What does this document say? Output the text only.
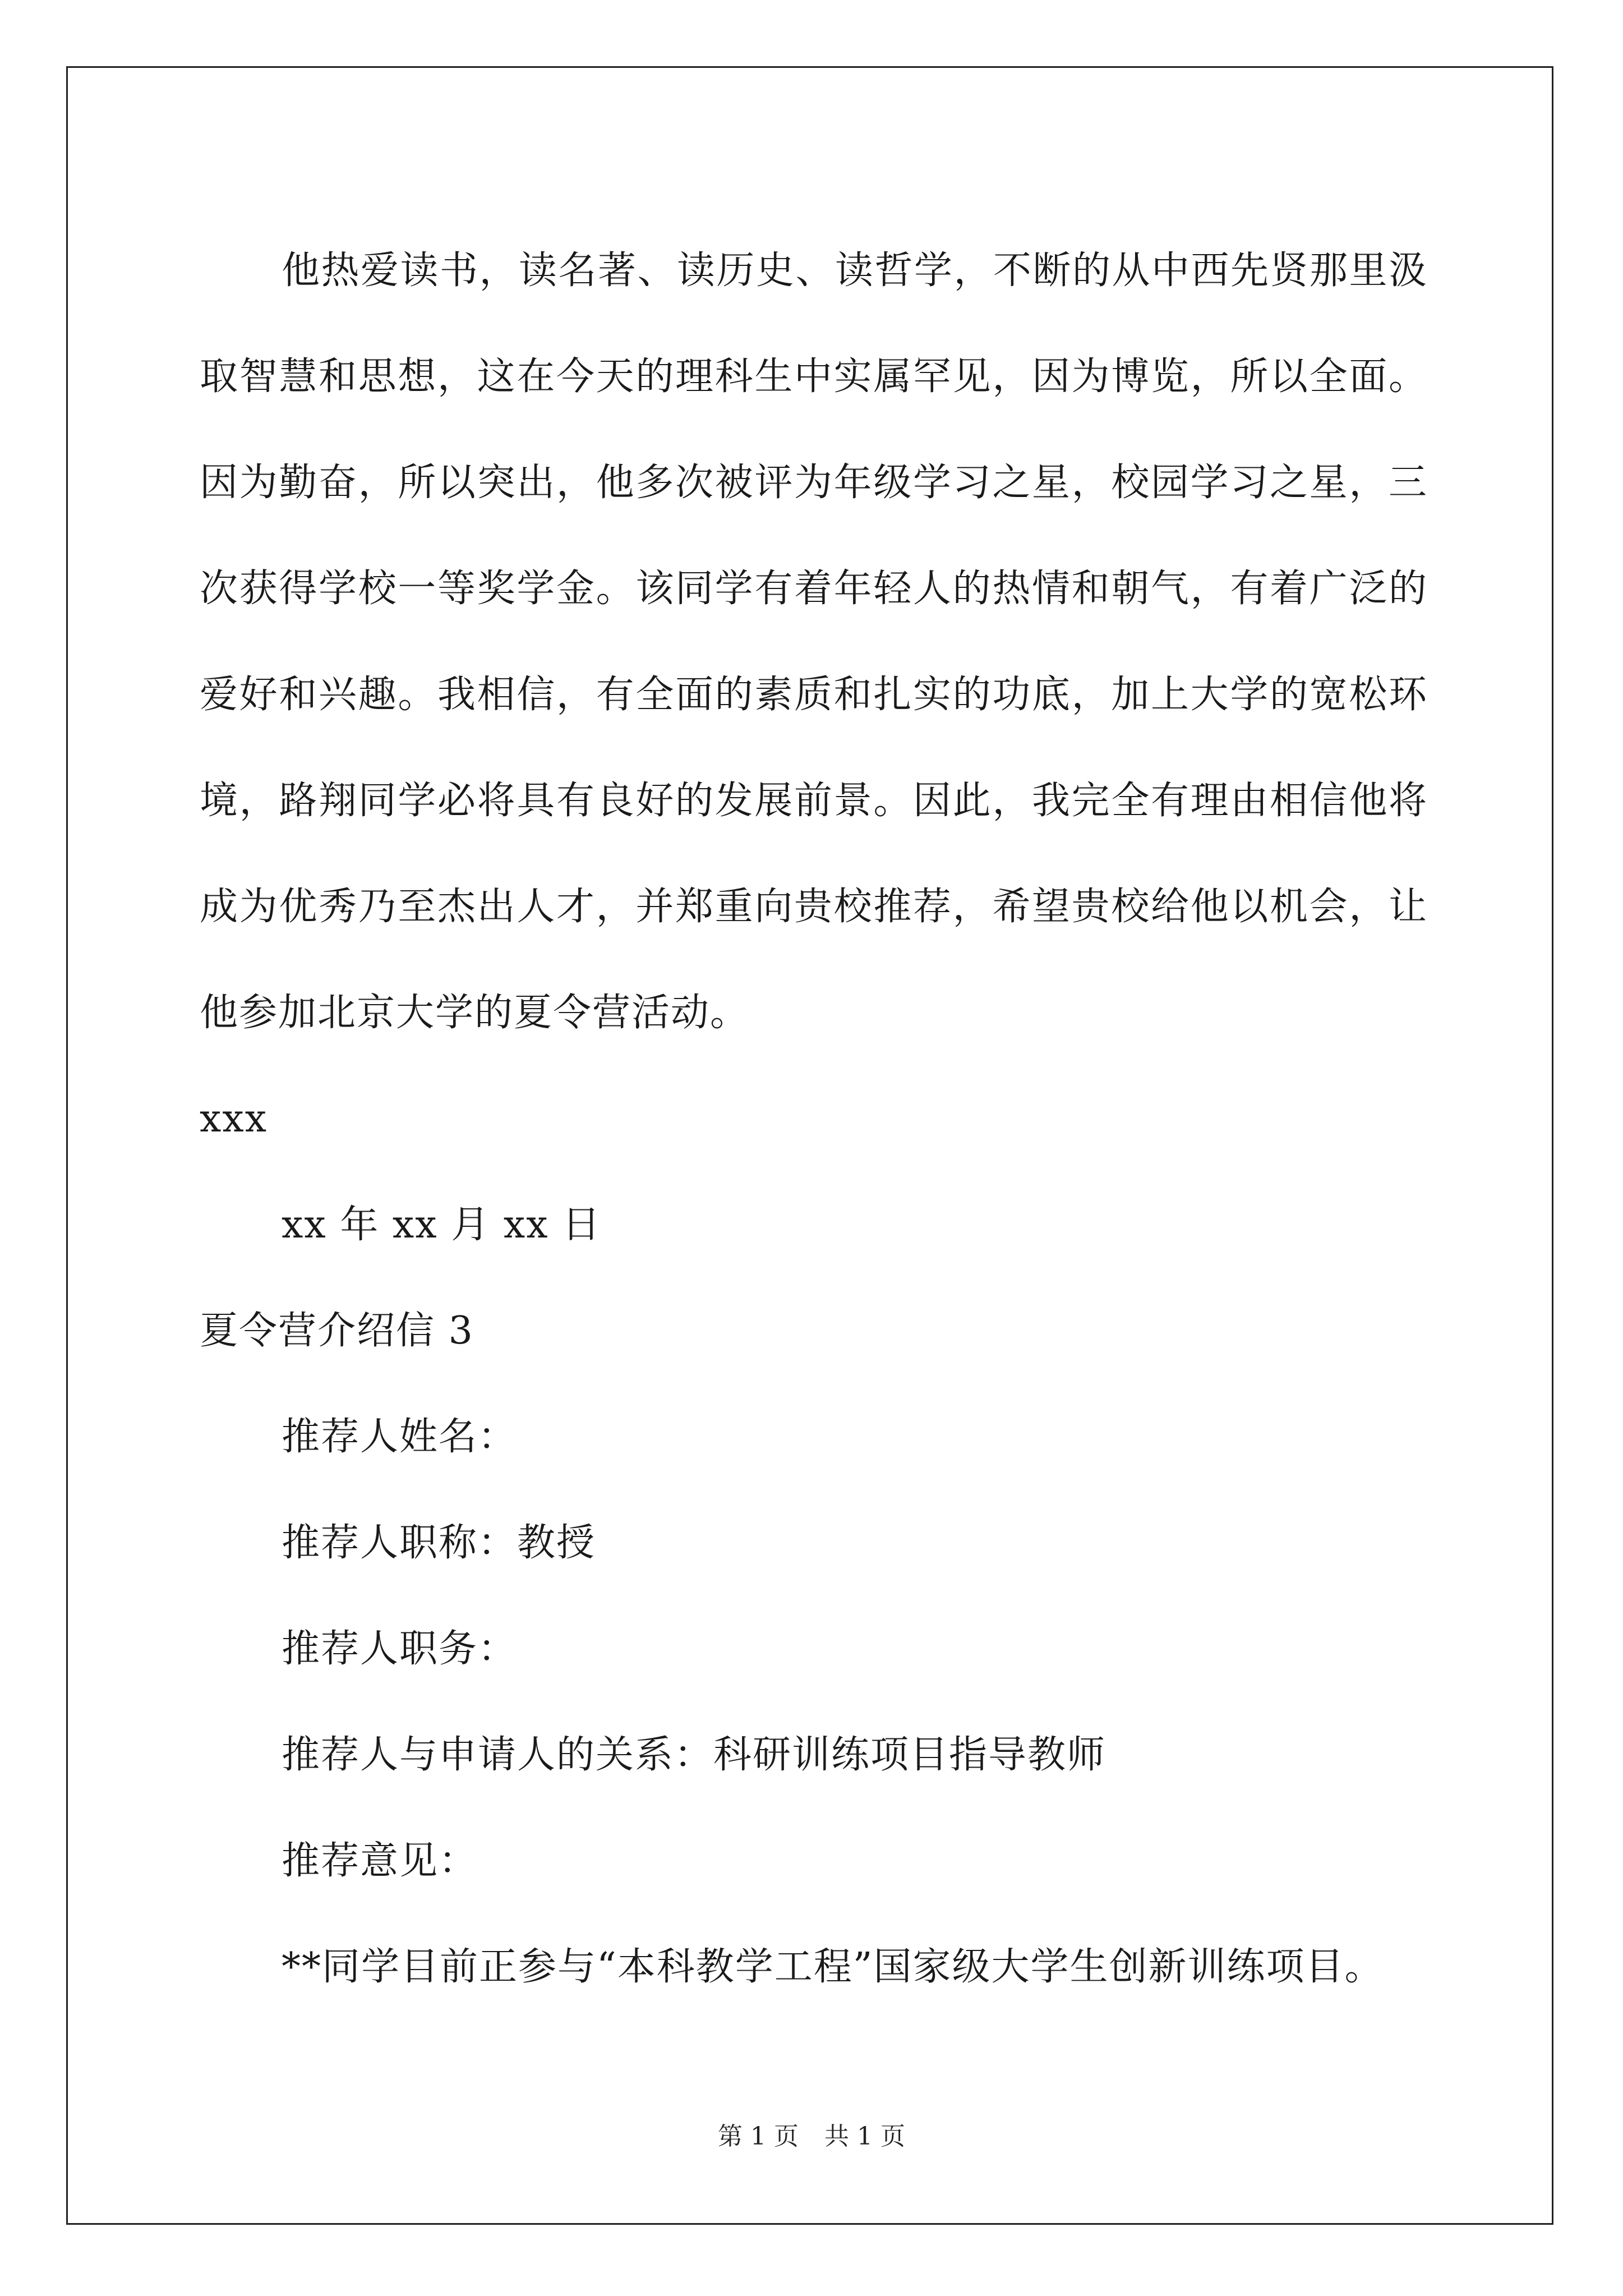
他热爱读书，读名著、读历史、读哲学，不断的从中西先贤那里汲取智慧和思想，这在今天的理科生中实属罕见，因为博览，所以全面。因为勤奋，所以突出，他多次被评为年级学习之星，校园学习之星，三次获得学校一等奖学金。该同学有着年轻人的热情和朝气，有着广泛的爱好和兴趣。我相信，有全面的素质和扎实的功底，加上大学的宽松环境，路翔同学必将具有良好的发展前景。因此，我完全有理由相信他将成为优秀乃至杰出人才，并郑重向贵校推荐，希望贵校给他以机会，让他参加北京大学的夏令营活动。

xxx

xx 年 xx 月 xx 日

夏令营介绍信 3

推荐人姓名：

推荐人职称：教授

推荐人职务：

推荐人与申请人的关系：科研训练项目指导教师

推荐意见：

**同学目前正参与“本科教学工程”国家级大学生创新训练项目。

第 1 页 共 1 页
